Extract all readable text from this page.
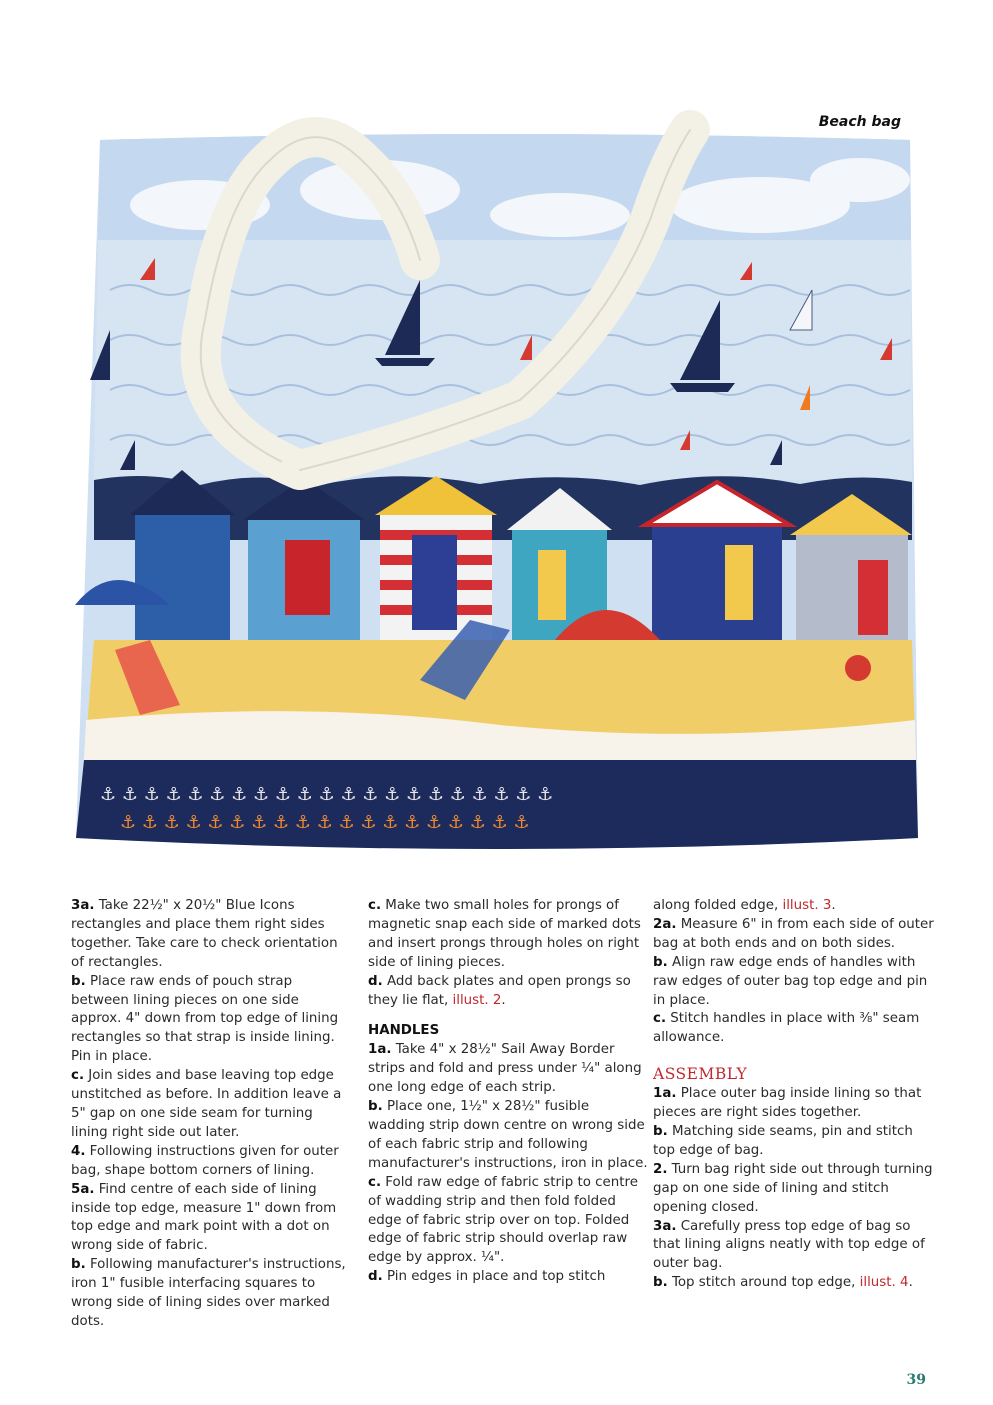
⚓ ⚓ ⚓ ⚓ ⚓ ⚓ ⚓ ⚓ ⚓ ⚓ ⚓ ⚓ ⚓ ⚓ ⚓ ⚓ ⚓ ⚓ ⚓ ⚓ ⚓
⚓ ⚓ ⚓ ⚓ ⚓ ⚓ ⚓ ⚓ ⚓ ⚓ ⚓ ⚓ ⚓ ⚓ ⚓ ⚓ ⚓ ⚓ ⚓
Beach bag

3a. Take 22½" x 20½" Blue Icons rectangles and place them right sides together. Take care to check orientation of rectangles.

b. Place raw ends of pouch strap between lining pieces on one side approx. 4" down from top edge of lining rectangles so that strap is inside lining. Pin in place.

c. Join sides and base leaving top edge unstitched as before. In addition leave a 5" gap on one side seam for turning lining right side out later.

4. Following instructions given for outer bag, shape bottom corners of lining.

5a. Find centre of each side of lining inside top edge, measure 1" down from top edge and mark point with a dot on wrong side of fabric.

b. Following manufacturer's instructions, iron 1" fusible interfacing squares to wrong side of lining sides over marked dots.

c. Make two small holes for prongs of magnetic snap each side of marked dots and insert prongs through holes on right side of lining pieces.

d. Add back plates and open prongs so they lie flat, illust. 2.

HANDLES

1a. Take 4" x 28½" Sail Away Border strips and fold and press under ¼" along one long edge of each strip.

b. Place one, 1½" x 28½" fusible wadding strip down centre on wrong side of each fabric strip and following manufacturer's instructions, iron in place.

c. Fold raw edge of fabric strip to centre of wadding strip and then fold folded edge of fabric strip over on top. Folded edge of fabric strip should overlap raw edge by approx. ¼".

d. Pin edges in place and top stitch

along folded edge, illust. 3.

2a. Measure 6" in from each side of outer bag at both ends and on both sides.

b. Align raw edge ends of handles with raw edges of outer bag top edge and pin in place.

c. Stitch handles in place with ⅜" seam allowance.

ASSEMBLY

1a. Place outer bag inside lining so that pieces are right sides together.

b. Matching side seams, pin and stitch top edge of bag.

2. Turn bag right side out through turning gap on one side of lining and stitch opening closed.

3a. Carefully press top edge of bag so that lining aligns neatly with top edge of outer bag.

b. Top stitch around top edge, illust. 4.

39
